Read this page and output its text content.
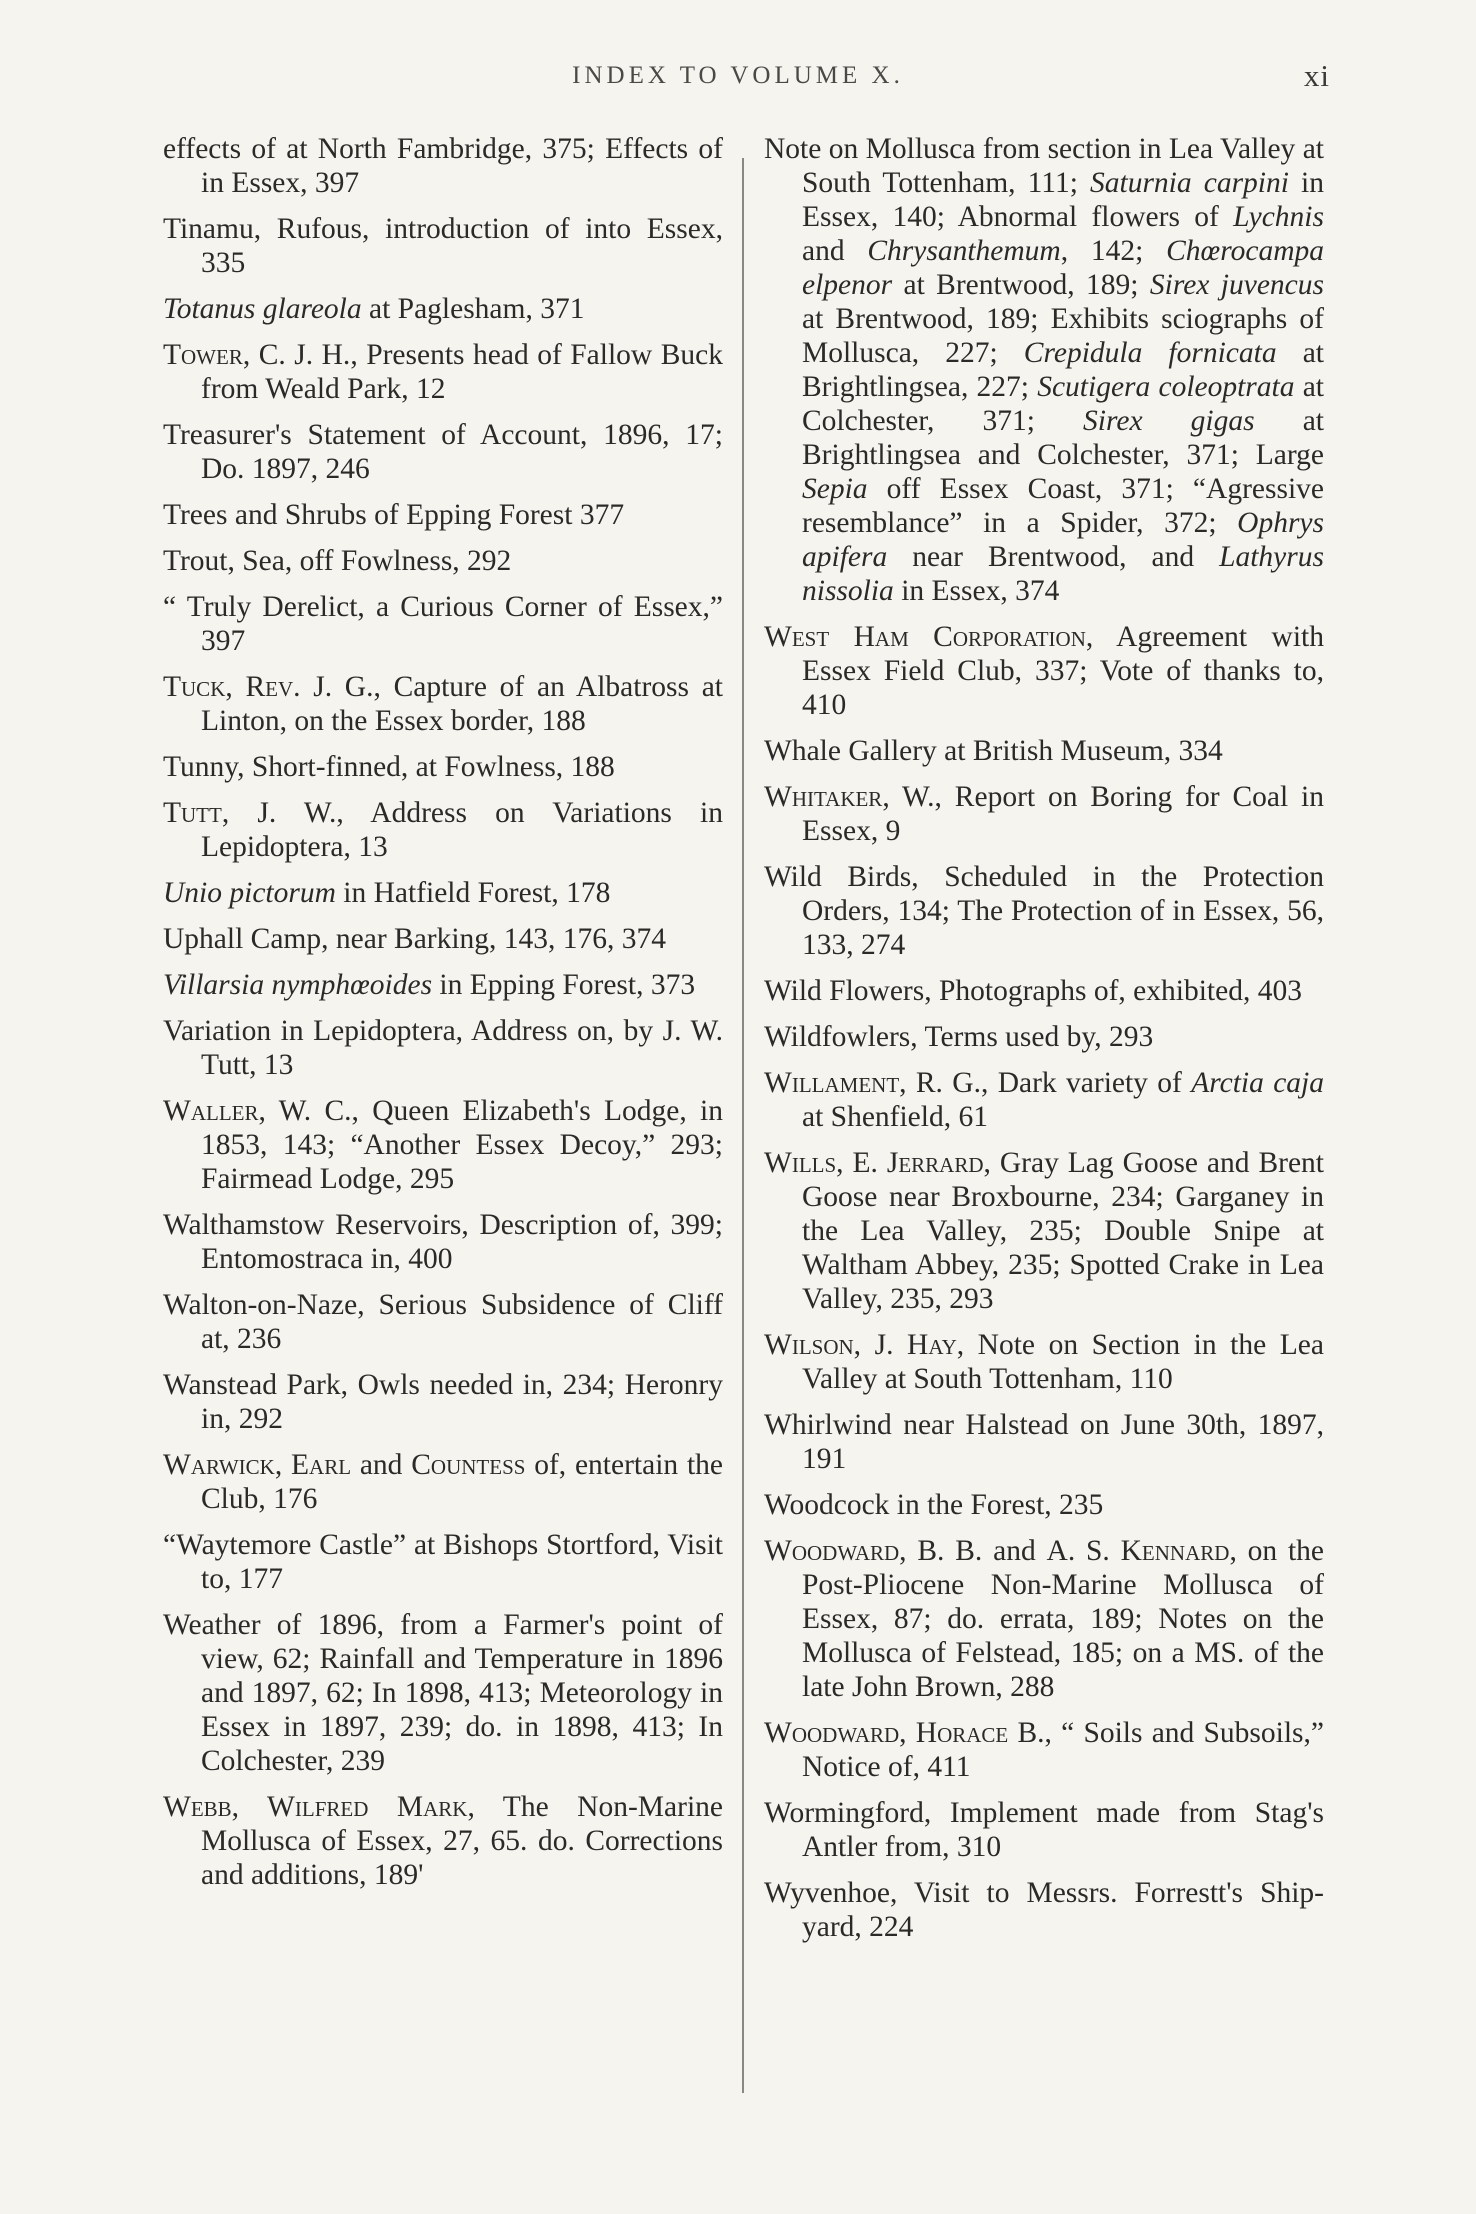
INDEX TO VOLUME X.	xi

effects of at North Fambridge, 375; Effects of in Essex, 397

Tinamu, Rufous, introduction of into Essex, 335

Totanus glareola at Paglesham, 371

Tower, C. J. H., Presents head of Fallow Buck from Weald Park, 12

Treasurer's Statement of Account, 1896, 17; Do. 1897, 246

Trees and Shrubs of Epping Forest 377

Trout, Sea, off Fowlness, 292

“ Truly Derelict, a Curious Corner of Essex,” 397

Tuck, Rev. J. G., Capture of an Albatross at Linton, on the Essex border, 188

Tunny, Short-finned, at Fowlness, 188

Tutt, J. W., Address on Variations in Lepidoptera, 13

Unio pictorum in Hatfield Forest, 178

Uphall Camp, near Barking, 143, 176, 374

Villarsia nymphœoides in Epping Forest, 373

Variation in Lepidoptera, Address on, by J. W. Tutt, 13

Waller, W. C., Queen Elizabeth's Lodge, in 1853, 143; “Another Essex Decoy,” 293; Fairmead Lodge, 295

Walthamstow Reservoirs, Description of, 399; Entomostraca in, 400

Walton-on-Naze, Serious Subsidence of Cliff at, 236

Wanstead Park, Owls needed in, 234; Heronry in, 292

Warwick, Earl and Countess of, entertain the Club, 176

“Waytemore Castle” at Bishops Stortford, Visit to, 177

Weather of 1896, from a Farmer's point of view, 62; Rainfall and Temperature in 1896 and 1897, 62; In 1898, 413; Meteorology in Essex in 1897, 239; do. in 1898, 413; In Colchester, 239

Webb, Wilfred Mark, The Non-Marine Mollusca of Essex, 27, 65. do. Corrections and additions, 189'

Note on Mollusca from section in Lea Valley at South Tottenham, 111; Saturnia carpini in Essex, 140; Abnormal flowers of Lychnis and Chrysanthemum, 142; Chœrocampa elpenor at Brentwood, 189; Sirex juvencus at Brentwood, 189; Exhibits sciographs of Mollusca, 227; Crepidula fornicata at Brightlingsea, 227; Scutigera coleoptrata at Colchester, 371; Sirex gigas at Brightlingsea and Colchester, 371; Large Sepia off Essex Coast, 371; “Agressive resemblance” in a Spider, 372; Ophrys apifera near Brentwood, and Lathyrus nissolia in Essex, 374

West Ham Corporation, Agreement with Essex Field Club, 337; Vote of thanks to, 410

Whale Gallery at British Museum, 334

Whitaker, W., Report on Boring for Coal in Essex, 9

Wild Birds, Scheduled in the Protection Orders, 134; The Protection of in Essex, 56, 133, 274

Wild Flowers, Photographs of, exhibited, 403

Wildfowlers, Terms used by, 293

Willament, R. G., Dark variety of Arctia caja at Shenfield, 61

Wills, E. Jerrard, Gray Lag Goose and Brent Goose near Broxbourne, 234; Garganey in the Lea Valley, 235; Double Snipe at Waltham Abbey, 235; Spotted Crake in Lea Valley, 235, 293

Wilson, J. Hay, Note on Section in the Lea Valley at South Tottenham, 110

Whirlwind near Halstead on June 30th, 1897, 191

Woodcock in the Forest, 235

Woodward, B. B. and A. S. Kennard, on the Post-Pliocene Non-Marine Mollusca of Essex, 87; do. errata, 189; Notes on the Mollusca of Felstead, 185; on a MS. of the late John Brown, 288

Woodward, Horace B., “ Soils and Subsoils,” Notice of, 411

Wormingford, Implement made from Stag's Antler from, 310

Wyvenhoe, Visit to Messrs. Forrestt's Ship-yard, 224
